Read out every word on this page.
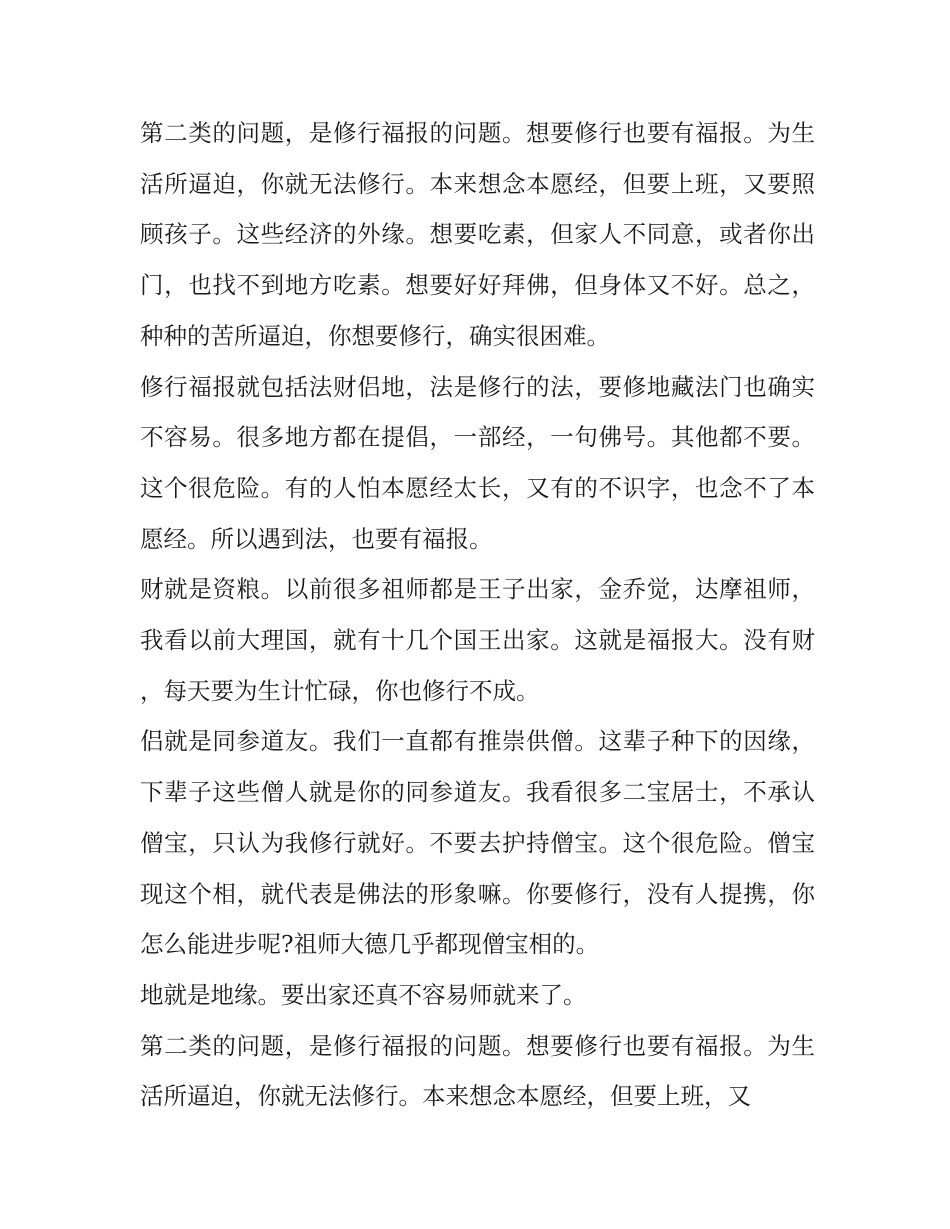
第二类的问题，是修行福报的问题。想要修行也要有福报。为生活所逼迫，你就无法修行。本来想念本愿经，但要上班，又要照顾孩子。这些经济的外缘。想要吃素，但家人不同意，或者你出门，也找不到地方吃素。想要好好拜佛，但身体又不好。总之，种种的苦所逼迫，你想要修行，确实很困难。

修行福报就包括法财侣地，法是修行的法，要修地藏法门也确实不容易。很多地方都在提倡，一部经，一句佛号。其他都不要。这个很危险。有的人怕本愿经太长，又有的不识字，也念不了本愿经。所以遇到法，也要有福报。

财就是资粮。以前很多祖师都是王子出家，金乔觉，达摩祖师，我看以前大理国，就有十几个国王出家。这就是福报大。没有财，每天要为生计忙碌，你也修行不成。

侣就是同参道友。我们一直都有推崇供僧。这辈子种下的因缘，下辈子这些僧人就是你的同参道友。我看很多二宝居士，不承认僧宝，只认为我修行就好。不要去护持僧宝。这个很危险。僧宝现这个相，就代表是佛法的形象嘛。你要修行，没有人提携，你怎么能进步呢?祖师大德几乎都现僧宝相的。

地就是地缘。要出家还真不容易师就来了。

第二类的问题，是修行福报的问题。想要修行也要有福报。为生活所逼迫，你就无法修行。本来想念本愿经，但要上班，又
